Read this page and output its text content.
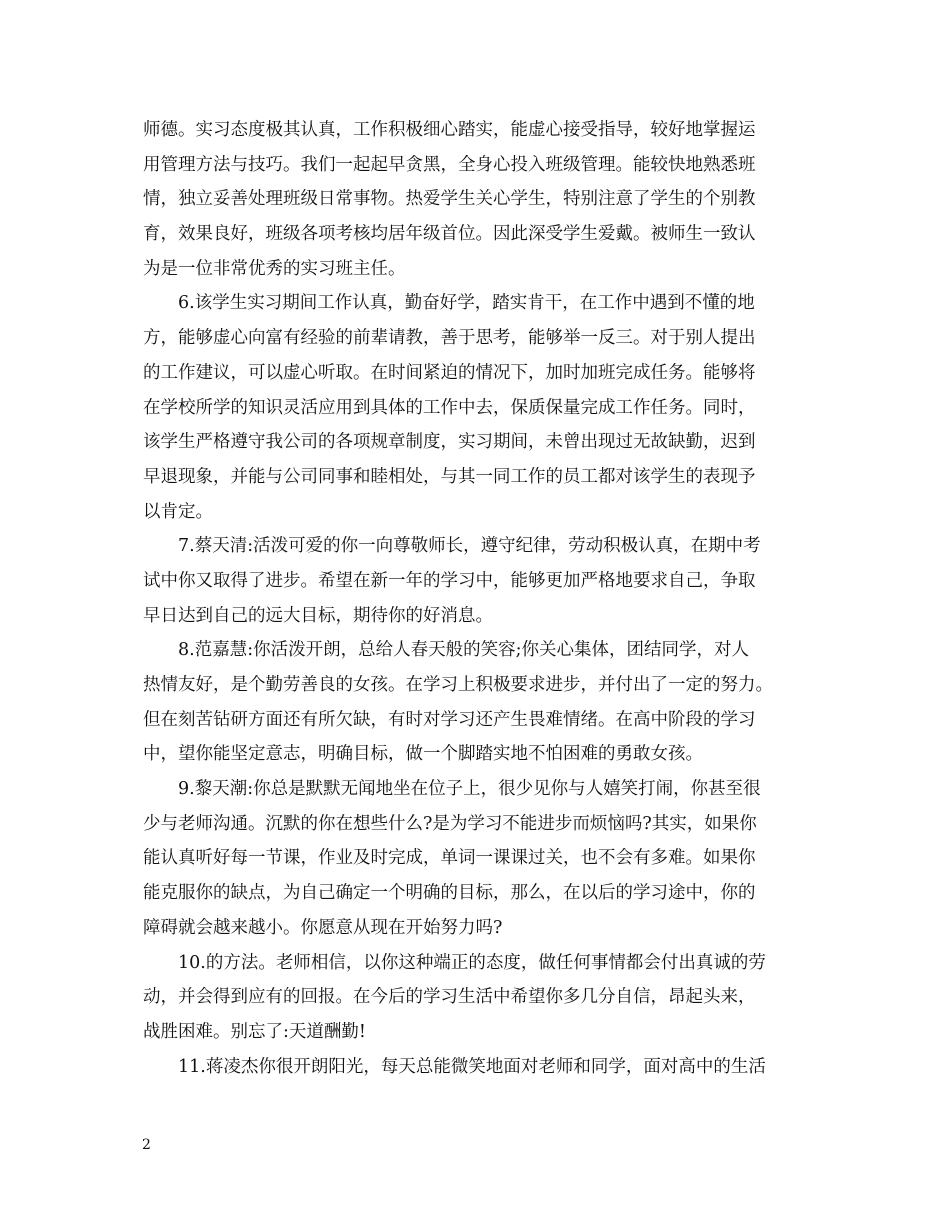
师德。实习态度极其认真，工作积极细心踏实，能虚心接受指导，较好地掌握运
用管理方法与技巧。我们一起起早贪黑，全身心投入班级管理。能较快地熟悉班
情，独立妥善处理班级日常事物。热爱学生关心学生，特别注意了学生的个别教
育，效果良好，班级各项考核均居年级首位。因此深受学生爱戴。被师生一致认
为是一位非常优秀的实习班主任。
6.该学生实习期间工作认真，勤奋好学，踏实肯干，在工作中遇到不懂的地
方，能够虚心向富有经验的前辈请教，善于思考，能够举一反三。对于别人提出
的工作建议，可以虚心听取。在时间紧迫的情况下，加时加班完成任务。能够将
在学校所学的知识灵活应用到具体的工作中去，保质保量完成工作任务。同时，
该学生严格遵守我公司的各项规章制度，实习期间，未曾出现过无故缺勤，迟到
早退现象，并能与公司同事和睦相处，与其一同工作的员工都对该学生的表现予
以肯定。
7.蔡天清:活泼可爱的你一向尊敬师长，遵守纪律，劳动积极认真，在期中考
试中你又取得了进步。希望在新一年的学习中，能够更加严格地要求自己，争取
早日达到自己的远大目标，期待你的好消息。
8.范嘉慧:你活泼开朗，总给人春天般的笑容;你关心集体，团结同学，对人
热情友好，是个勤劳善良的女孩。在学习上积极要求进步，并付出了一定的努力。
但在刻苦钻研方面还有所欠缺，有时对学习还产生畏难情绪。在高中阶段的学习
中，望你能坚定意志，明确目标，做一个脚踏实地不怕困难的勇敢女孩。
9.黎天潮:你总是默默无闻地坐在位子上，很少见你与人嬉笑打闹，你甚至很
少与老师沟通。沉默的你在想些什么?是为学习不能进步而烦恼吗?其实，如果你
能认真听好每一节课，作业及时完成，单词一课课过关，也不会有多难。如果你
能克服你的缺点，为自己确定一个明确的目标，那么，在以后的学习途中，你的
障碍就会越来越小。你愿意从现在开始努力吗?
10.的方法。老师相信，以你这种端正的态度，做任何事情都会付出真诚的劳
动，并会得到应有的回报。在今后的学习生活中希望你多几分自信，昂起头来，
战胜困难。别忘了:天道酬勤!
11.蒋凌杰你很开朗阳光，每天总能微笑地面对老师和同学，面对高中的生活
2
